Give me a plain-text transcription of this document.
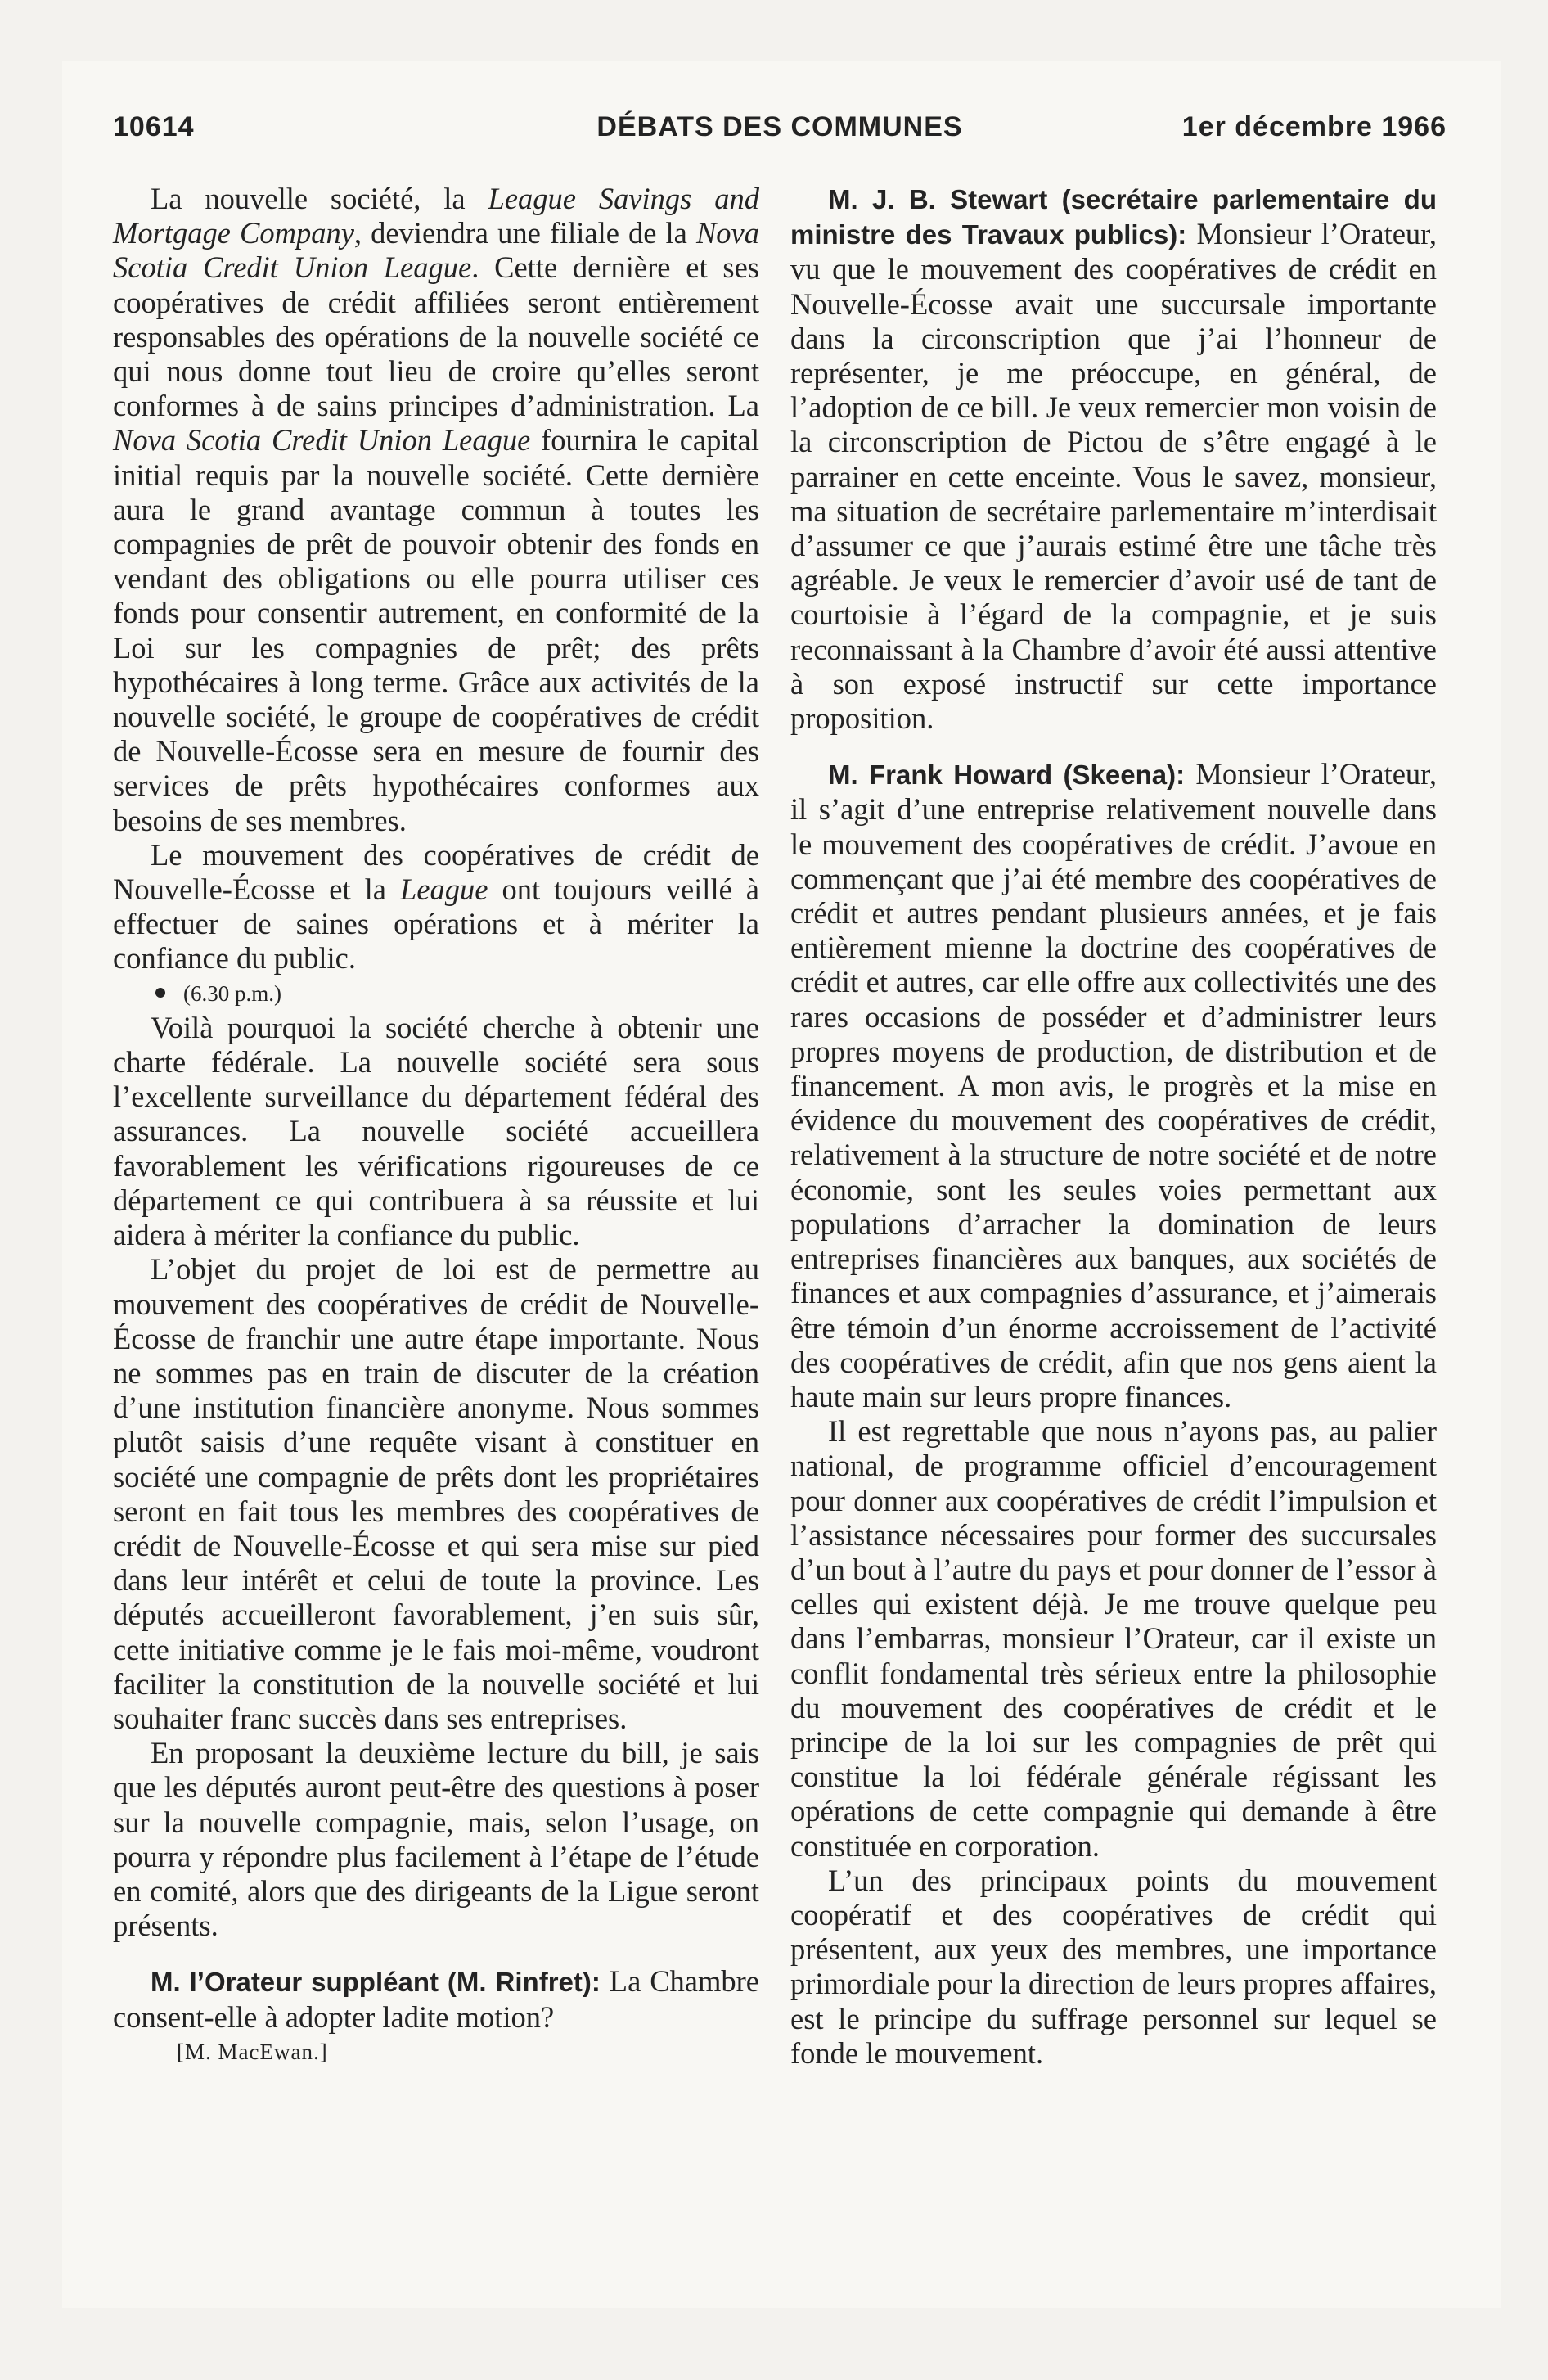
10614	DÉBATS DES COMMUNES	1er décembre 1966

La nouvelle société, la League Savings and Mortgage Company, deviendra une filiale de la Nova Scotia Credit Union League. Cette dernière et ses coopératives de crédit affiliées seront entièrement responsables des opérations de la nouvelle société ce qui nous donne tout lieu de croire qu’elles seront conformes à de sains principes d’administration. La Nova Scotia Credit Union League fournira le capital initial requis par la nouvelle société. Cette dernière aura le grand avantage commun à toutes les compagnies de prêt de pouvoir obtenir des fonds en vendant des obligations ou elle pourra utiliser ces fonds pour consentir autrement, en conformité de la Loi sur les compagnies de prêt; des prêts hypothécaires à long terme. Grâce aux activités de la nouvelle société, le groupe de coopératives de crédit de Nouvelle-Écosse sera en mesure de fournir des services de prêts hypothécaires conformes aux besoins de ses membres.

Le mouvement des coopératives de crédit de Nouvelle-Écosse et la League ont toujours veillé à effectuer de saines opérations et à mériter la confiance du public.

(6.30 p.m.)

Voilà pourquoi la société cherche à obtenir une charte fédérale. La nouvelle société sera sous l’excellente surveillance du département fédéral des assurances. La nouvelle société accueillera favorablement les vérifications rigoureuses de ce département ce qui contribuera à sa réussite et lui aidera à mériter la confiance du public.

L’objet du projet de loi est de permettre au mouvement des coopératives de crédit de Nouvelle-Écosse de franchir une autre étape importante. Nous ne sommes pas en train de discuter de la création d’une institution financière anonyme. Nous sommes plutôt saisis d’une requête visant à constituer en société une compagnie de prêts dont les propriétaires seront en fait tous les membres des coopératives de crédit de Nouvelle-Écosse et qui sera mise sur pied dans leur intérêt et celui de toute la province. Les députés accueilleront favorablement, j’en suis sûr, cette initiative comme je le fais moi-même, voudront faciliter la constitution de la nouvelle société et lui souhaiter franc succès dans ses entreprises.

En proposant la deuxième lecture du bill, je sais que les députés auront peut-être des questions à poser sur la nouvelle compagnie, mais, selon l’usage, on pourra y répondre plus facilement à l’étape de l’étude en comité, alors que des dirigeants de la Ligue seront présents.

M. l’Orateur suppléant (M. Rinfret): La Chambre consent-elle à adopter ladite motion?

[M. MacEwan.]

M. J. B. Stewart (secrétaire parlementaire du ministre des Travaux publics): Monsieur l’Orateur, vu que le mouvement des coopératives de crédit en Nouvelle-Écosse avait une succursale importante dans la circonscription que j’ai l’honneur de représenter, je me préoccupe, en général, de l’adoption de ce bill. Je veux remercier mon voisin de la circonscription de Pictou de s’être engagé à le parrainer en cette enceinte. Vous le savez, monsieur, ma situation de secrétaire parlementaire m’interdisait d’assumer ce que j’aurais estimé être une tâche très agréable. Je veux le remercier d’avoir usé de tant de courtoisie à l’égard de la compagnie, et je suis reconnaissant à la Chambre d’avoir été aussi attentive à son exposé instructif sur cette importance proposition.

M. Frank Howard (Skeena): Monsieur l’Orateur, il s’agit d’une entreprise relativement nouvelle dans le mouvement des coopératives de crédit. J’avoue en commençant que j’ai été membre des coopératives de crédit et autres pendant plusieurs années, et je fais entièrement mienne la doctrine des coopératives de crédit et autres, car elle offre aux collectivités une des rares occasions de posséder et d’administrer leurs propres moyens de production, de distribution et de financement. A mon avis, le progrès et la mise en évidence du mouvement des coopératives de crédit, relativement à la structure de notre société et de notre économie, sont les seules voies permettant aux populations d’arracher la domination de leurs entreprises financières aux banques, aux sociétés de finances et aux compagnies d’assurance, et j’aimerais être témoin d’un énorme accroissement de l’activité des coopératives de crédit, afin que nos gens aient la haute main sur leurs propre finances.

Il est regrettable que nous n’ayons pas, au palier national, de programme officiel d’encouragement pour donner aux coopératives de crédit l’impulsion et l’assistance nécessaires pour former des succursales d’un bout à l’autre du pays et pour donner de l’essor à celles qui existent déjà. Je me trouve quelque peu dans l’embarras, monsieur l’Orateur, car il existe un conflit fondamental très sérieux entre la philosophie du mouvement des coopératives de crédit et le principe de la loi sur les compagnies de prêt qui constitue la loi fédérale générale régissant les opérations de cette compagnie qui demande à être constituée en corporation.

L’un des principaux points du mouvement coopératif et des coopératives de crédit qui présentent, aux yeux des membres, une importance primordiale pour la direction de leurs propres affaires, est le principe du suffrage personnel sur lequel se fonde le mouvement.
